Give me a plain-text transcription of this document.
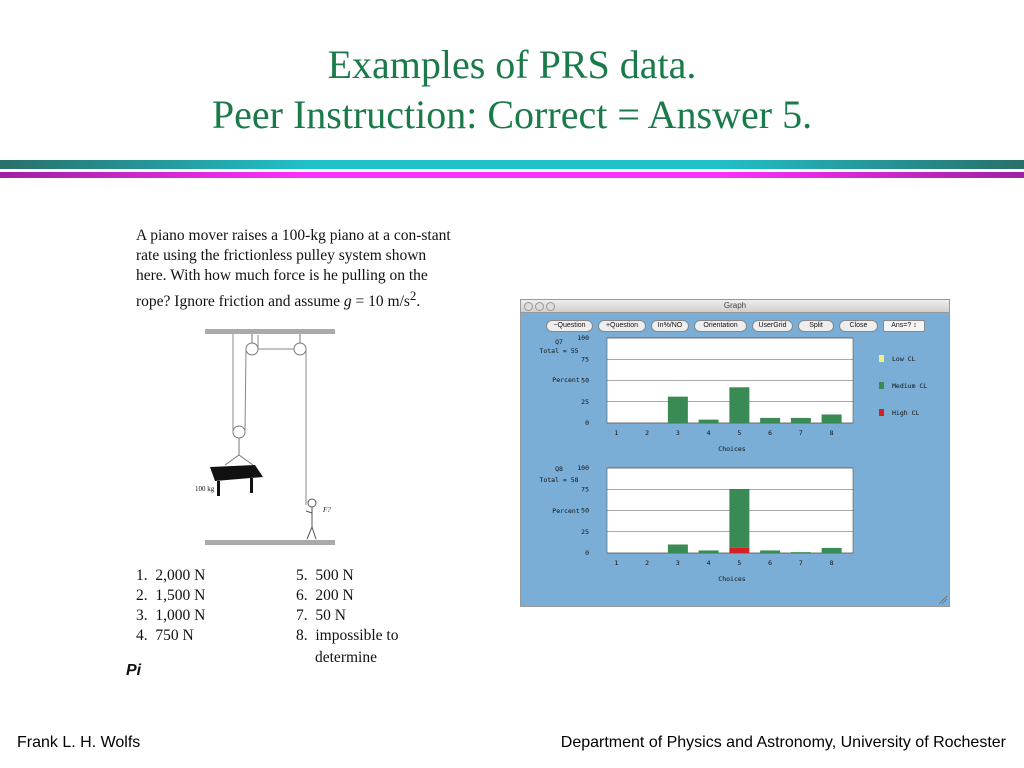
Examples of PRS data.
Peer Instruction: Correct = Answer 5.
A piano mover raises a 100-kg piano at a con-stant rate using the frictionless pulley system shown here. With how much force is he pulling on the rope? Ignore friction and assume g = 10 $m/s^2$.
100 kg
F?
1. 2,000 N
2. 1,500 N
3. 1,000 N
4. 750 N
5. 500 N
6. 200 N
7. 50 N
8. impossible to
determine
Pi
Graph
−Question	+Question	In%/NO	Orientation	UserGrid	Split	Close	Ans=? ↕
Q7
Total = 55
Percent
100
75
50
25
0
1	2	3	4	5	6	7	8
Choices
Q8
Total = 58
Percent
100
75
50
25
0
1	2	3	4	5	6	7	8
Choices
Low CL
Medium CL
High CL
Frank L. H. Wolfs	Department of Physics and Astronomy, University of Rochester
